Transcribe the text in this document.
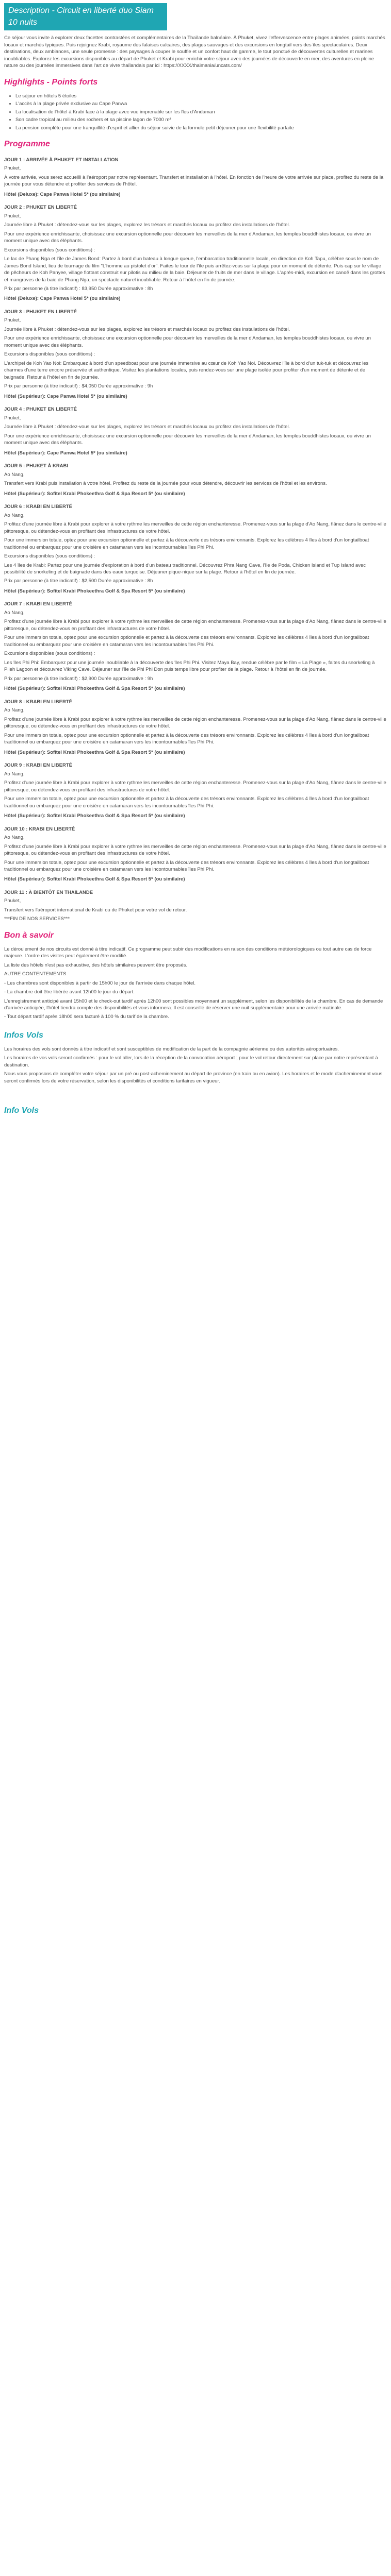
Description - Circuit en liberté duo Siam 10 nuits

Ce séjour vous invite à explorer deux facettes contrastées et complémentaires de la Thaïlande balnéaire. À Phuket, vivez l'effervescence entre plages animées, points marchés locaux et marchés typiques. Puis rejoignez Krabi, royaume des falaises calcaires, des plages sauvages et des excursions en longtail vers des îles spectaculaires. Deux destinations, deux ambiances, une seule promesse : des paysages à couper le souffle et un confort haut de gamme, le tout ponctué de découvertes culturelles et marines inoubliables. Explorez les excursions disponibles au départ de Phuket et Krabi pour enrichir votre séjour avec des journées de découverte en mer, des aventures en pleine nature ou des journées immersives dans l'art de vivre thaïlandais par ici : https://XXXX/thaimania/uncats.com/

Highlights - Points forts
• Le séjour en hôtels 5 étoiles
• L'accès à la plage privée exclusive au Cape Panwa
• La localisation de l'hôtel à Krabi face à la plage avec vue imprenable sur les îles d'Andaman
• Son cadre tropical au milieu des rochers et sa piscine lagon de 7000 m²
• La pension complète pour une tranquillité d'esprit et allier du séjour suivie de la formule petit déjeuner pour une flexibilité parfaite
Programme
JOUR 1 : ARRIVÉE À PHUKET ET INSTALLATION

Phuket,

À votre arrivée, vous serez accueilli à l'aéroport par notre représentant. Transfert et installation à l'hôtel. En fonction de l'heure de votre arrivée sur place, profitez du reste de la journée pour vous détendre et profiter des services de l'hôtel.

Hôtel (Deluxe): Cape Panwa Hotel 5* (ou similaire)
JOUR 2 : PHUKET EN LIBERTÉ

Phuket,

Journée libre à Phuket : détendez-vous sur les plages, explorez les trésors et marchés locaux ou profitez des installations de l'hôtel.

Pour une expérience enrichissante, choisissez une excursion optionnelle pour découvrir les merveilles de la mer d'Andaman, les temples bouddhistes locaux, ou vivre un moment unique avec des éléphants.

Excursions disponibles (sous conditions) :

Le lac de Phang Nga et l'île de James Bond: Partez à bord d'un bateau à longue queue, l'embarcation traditionnelle locale, en direction de Koh Tapu, célèbre sous le nom de James Bond Island, lieu de tournage du film "L'homme au pistolet d'or". Faites le tour de l'île puis arrêtez-vous sur la plage pour un moment de détente. Puis cap sur le village de pêcheurs de Koh Panyee, village flottant construit sur pilotis au milieu de la baie. Déjeuner de fruits de mer dans le village. L'après-midi, excursion en canoë dans les grottes et mangroves de la baie de Phang Nga, un spectacle naturel inoubliable. Retour à l'hôtel en fin de journée.

Prix par personne (à titre indicatif) : 83,950 Durée approximative : 8h

Hôtel (Deluxe): Cape Panwa Hotel 5* (ou similaire)
JOUR 3 : PHUKET EN LIBERTÉ

Phuket,

Journée libre à Phuket : détendez-vous sur les plages, explorez les trésors et marchés locaux ou profitez des installations de l'hôtel.

Pour une expérience enrichissante, choisissez une excursion optionnelle pour découvrir les merveilles de la mer d'Andaman, les temples bouddhistes locaux, ou vivre un moment unique avec des éléphants.

Excursions disponibles (sous conditions) :

L'archipel de Koh Yao Noi: Embarquez à bord d'un speedboat pour une journée immersive au cœur de Koh Yao Noi. Découvrez l'île à bord d'un tuk-tuk et découvrez les charmes d'une terre encore préservée et authentique. Visitez les plantations locales, puis rendez-vous sur une plage isolée pour profiter d'un moment de détente et de baignade. Retour à l'hôtel en fin de journée.

Prix par personne (à titre indicatif) : $4,050 Durée approximative : 9h

Hôtel (Supérieur): Cape Panwa Hotel 5* (ou similaire)
JOUR 4 : PHUKET EN LIBERTÉ

Phuket,

Journée libre à Phuket : détendez-vous sur les plages, explorez les trésors et marchés locaux ou profitez des installations de l'hôtel.

Pour une expérience enrichissante, choisissez une excursion optionnelle pour découvrir les merveilles de la mer d'Andaman, les temples bouddhistes locaux, ou vivre un moment unique avec des éléphants.

Hôtel (Supérieur): Cape Panwa Hotel 5* (ou similaire)
JOUR 5 : PHUKET À KRABI

Ao Nang,

Transfert vers Krabi puis installation à votre hôtel. Profitez du reste de la journée pour vous détendre, découvrir les services de l'hôtel et les environs.

Hôtel (Supérieur): Sofitel Krabi Phokeethra Golf & Spa Resort 5* (ou similaire)
JOUR 6 : KRABI EN LIBERTÉ

Ao Nang,

Profitez d'une journée libre à Krabi pour explorer à votre rythme les merveilles de cette région enchanteresse. Promenez-vous sur la plage d'Ao Nang, flânez dans le centre-ville pittoresque, ou détendez-vous en profitant des infrastructures de votre hôtel.

Pour une immersion totale, optez pour une excursion optionnelle et partez à la découverte des trésors environnants. Explorez les célèbres 4 îles à bord d'un longtailboat traditionnel ou embarquez pour une croisière en catamaran vers les incontournables îles Phi Phi.

Excursions disponibles (sous conditions) :

Les 4 îles de Krabi: Partez pour une journée d'exploration à bord d'un bateau traditionnel. Découvrez Phra Nang Cave, l'île de Poda, Chicken Island et Tup Island avec possibilité de snorkeling et de baignade dans des eaux turquoise. Déjeuner pique-nique sur la plage. Retour à l'hôtel en fin de journée.

Prix par personne (à titre indicatif) : $2,500 Durée approximative : 8h

Hôtel (Supérieur): Sofitel Krabi Phokeethra Golf & Spa Resort 5* (ou similaire)
JOUR 7 : KRABI EN LIBERTÉ

Ao Nang,

Profitez d'une journée libre à Krabi pour explorer à votre rythme les merveilles de cette région enchanteresse. Promenez-vous sur la plage d'Ao Nang, flânez dans le centre-ville pittoresque, ou détendez-vous en profitant des infrastructures de votre hôtel.

Pour une immersion totale, optez pour une excursion optionnelle et partez à la découverte des trésors environnants. Explorez les célèbres 4 îles à bord d'un longtailboat traditionnel ou embarquez pour une croisière en catamaran vers les incontournables îles Phi Phi.

Excursions disponibles (sous conditions) :

Les îles Phi Phi: Embarquez pour une journée inoubliable à la découverte des îles Phi Phi. Visitez Maya Bay, rendue célèbre par le film « La Plage », faites du snorkeling à Pileh Lagoon et découvrez Viking Cave. Déjeuner sur l'île de Phi Phi Don puis temps libre pour profiter de la plage. Retour à l'hôtel en fin de journée.

Prix par personne (à titre indicatif) : $2,900 Durée approximative : 9h

Hôtel (Supérieur): Sofitel Krabi Phokeethra Golf & Spa Resort 5* (ou similaire)
JOUR 8 : KRABI EN LIBERTÉ

Ao Nang,

Profitez d'une journée libre à Krabi pour explorer à votre rythme les merveilles de cette région enchanteresse. Promenez-vous sur la plage d'Ao Nang, flânez dans le centre-ville pittoresque, ou détendez-vous en profitant des infrastructures de votre hôtel.

Pour une immersion totale, optez pour une excursion optionnelle et partez à la découverte des trésors environnants. Explorez les célèbres 4 îles à bord d'un longtailboat traditionnel ou embarquez pour une croisière en catamaran vers les incontournables îles Phi Phi.

Hôtel (Supérieur): Sofitel Krabi Phokeethra Golf & Spa Resort 5* (ou similaire)
JOUR 9 : KRABI EN LIBERTÉ

Ao Nang,

Profitez d'une journée libre à Krabi pour explorer à votre rythme les merveilles de cette région enchanteresse. Promenez-vous sur la plage d'Ao Nang, flânez dans le centre-ville pittoresque, ou détendez-vous en profitant des infrastructures de votre hôtel.

Pour une immersion totale, optez pour une excursion optionnelle et partez à la découverte des trésors environnants. Explorez les célèbres 4 îles à bord d'un longtailboat traditionnel ou embarquez pour une croisière en catamaran vers les incontournables îles Phi Phi.

Hôtel (Supérieur): Sofitel Krabi Phokeethra Golf & Spa Resort 5* (ou similaire)
JOUR 10 : KRABI EN LIBERTÉ

Ao Nang,

Profitez d'une journée libre à Krabi pour explorer à votre rythme les merveilles de cette région enchanteresse. Promenez-vous sur la plage d'Ao Nang, flânez dans le centre-ville pittoresque, ou détendez-vous en profitant des infrastructures de votre hôtel.

Pour une immersion totale, optez pour une excursion optionnelle et partez à la découverte des trésors environnants. Explorez les célèbres 4 îles à bord d'un longtailboat traditionnel ou embarquez pour une croisière en catamaran vers les incontournables îles Phi Phi.

Hôtel (Supérieur): Sofitel Krabi Phokeethra Golf & Spa Resort 5* (ou similaire)
JOUR 11 : À BIENTÔT EN THAÏLANDE

Phuket,

Transfert vers l'aéroport international de Krabi ou de Phuket pour votre vol de retour.

***FIN DE NOS SERVICES***

Bon à savoir

Le déroulement de nos circuits est donné à titre indicatif. Ce programme peut subir des modifications en raison des conditions météorologiques ou tout autre cas de force majeure. L'ordre des visites peut également être modifié.

La liste des hôtels n'est pas exhaustive, des hôtels similaires peuvent être proposés.

AUTRE CONTENTEMENTS

- Les chambres sont disponibles à partir de 15h00 le jour de l'arrivée dans chaque hôtel.

- La chambre doit être libérée avant 12h00 le jour du départ.

L'enregistrement anticipé avant 15h00 et le check-out tardif après 12h00 sont possibles moyennant un supplément, selon les disponibilités de la chambre. En cas de demande d'arrivée anticipée, l'hôtel tiendra compte des disponibilités et vous informera. Il est conseillé de réserver une nuit supplémentaire pour une arrivée matinale.

- Tout départ tardif après 18h00 sera facturé à 100 % du tarif de la chambre.

Infos Vols

Les horaires des vols sont donnés à titre indicatif et sont susceptibles de modification de la part de la compagnie aérienne ou des autorités aéroportuaires.

Les horaires de vos vols seront confirmés : pour le vol aller, lors de la réception de la convocation aéroport ; pour le vol retour directement sur place par notre représentant à destination.

Nous vous proposons de compléter votre séjour par un pré ou post-acheminement au départ de province (en train ou en avion). Les horaires et le mode d'acheminement vous seront confirmés lors de votre réservation, selon les disponibilités et conditions tarifaires en vigueur.

Info Vols
